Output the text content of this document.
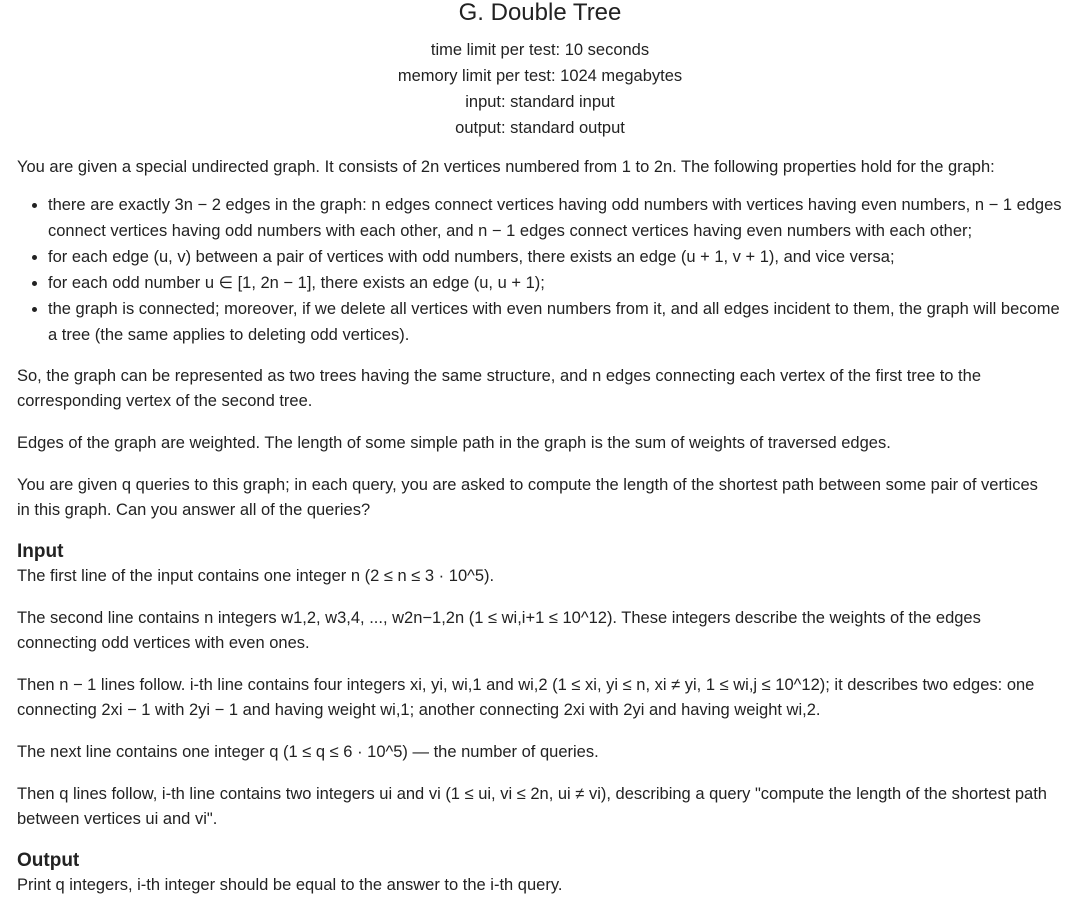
G. Double Tree
time limit per test: 10 seconds
memory limit per test: 1024 megabytes
input: standard input
output: standard output

You are given a special undirected graph. It consists of 2n vertices numbered from 1 to 2n. The following properties hold for the graph:

• there are exactly 3n − 2 edges in the graph: n edges connect vertices having odd numbers with vertices having even numbers, n − 1 edges connect vertices having odd numbers with each other, and n − 1 edges connect vertices having even numbers with each other;
• for each edge (u, v) between a pair of vertices with odd numbers, there exists an edge (u + 1, v + 1), and vice versa;
• for each odd number u ∈ [1, 2n − 1], there exists an edge (u, u + 1);
• the graph is connected; moreover, if we delete all vertices with even numbers from it, and all edges incident to them, the graph will become a tree (the same applies to deleting odd vertices).

So, the graph can be represented as two trees having the same structure, and n edges connecting each vertex of the first tree to the corresponding vertex of the second tree.

Edges of the graph are weighted. The length of some simple path in the graph is the sum of weights of traversed edges.

You are given q queries to this graph; in each query, you are asked to compute the length of the shortest path between some pair of vertices in this graph. Can you answer all of the queries?

Input

The first line of the input contains one integer n (2 ≤ n ≤ 3 · 10^5).

The second line contains n integers w1,2, w3,4, ..., w2n−1,2n (1 ≤ wi,i+1 ≤ 10^12). These integers describe the weights of the edges connecting odd vertices with even ones.

Then n − 1 lines follow. i-th line contains four integers xi, yi, wi,1 and wi,2 (1 ≤ xi, yi ≤ n, xi ≠ yi, 1 ≤ wi,j ≤ 10^12); it describes two edges: one connecting 2xi − 1 with 2yi − 1 and having weight wi,1; another connecting 2xi with 2yi and having weight wi,2.

The next line contains one integer q (1 ≤ q ≤ 6 · 10^5) — the number of queries.

Then q lines follow, i-th line contains two integers ui and vi (1 ≤ ui, vi ≤ 2n, ui ≠ vi), describing a query "compute the length of the shortest path between vertices ui and vi".

Output

Print q integers, i-th integer should be equal to the answer to the i-th query.
